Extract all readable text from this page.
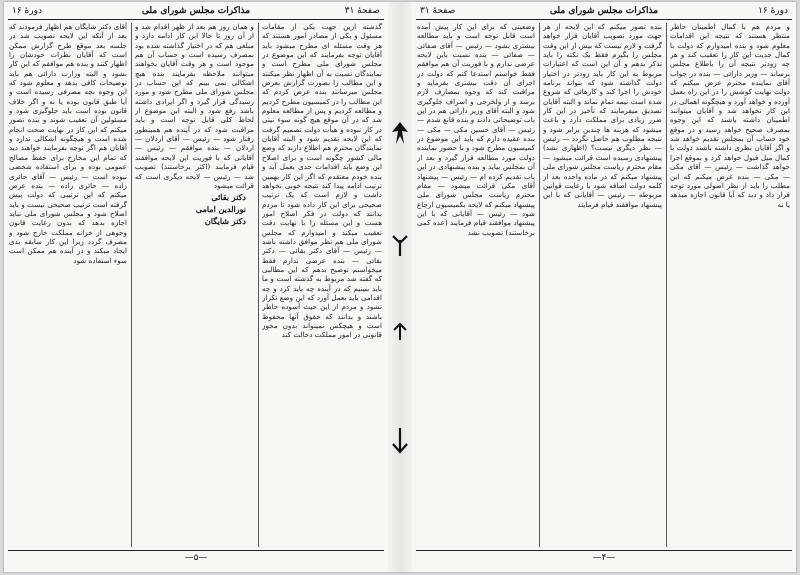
صفحهٔ ۳۱
مذاکرات مجلس شورای ملی
دورهٔ ۱۶

گذشته ازین جهت یکی از مقامات مسئول و یکی از مصادر امور هستند که هر وقت مسئله ای مطرح میشود باید آقایان توجه بفرمایند که این موضوع در مجلس شورای ملی مطرح است و نمایندگان نسبت به آن اظهار نظر میکنند و این مطالب را بصورت گزارش بعرض مجلس میرسانند بنده عرض کردم که این مطالب را در کمیسیون مطرح کردیم و مطالعه کردیم و پس از مطالعه معلوم شد که در آن موقع هیچ گونه سوء نیتی در کار نبوده و هیأت دولت تصمیم گرفت که این لایحه تقدیم شود و البته آقایان نمایندگان محترم هم اطلاع دارند که وضع مالی کشور چگونه است و برای اصلاح این وضع باید اقدامات جدی بعمل آید و بنده خودم معتقدم که اگر این کار بهمین ترتیب ادامه پیدا کند نتیجه خوبی نخواهد داشت و لازم است که یک ترتیب صحیحی برای این کار داده شود تا مردم بدانند که دولت در فکر اصلاح امور هست و این مسئله را با نهایت دقت تعقیب میکند و امیدوارم که مجلس شورای ملی هم نظر موافق داشته باشد — رئیس — آقای دکتر بقائی — دکتر بقائی — بنده عرضی ندارم فقط میخواستم توضیح بدهم که این مطالبی که گفته شد مربوط به گذشته است و ما باید ببینیم که در آینده چه باید کرد و چه اقدامی باید بعمل آورد که این وضع تکرار نشود و مردم از این حیث آسوده خاطر باشند و بدانند که حقوق آنها محفوظ است و هیچکس نمیتواند بدون مجوز قانونی در امور مملکت دخالت کند

و همان روز هم بعد از ظهر اقدام شد و از آن روز تا حالا این کار ادامه دارد و مبلغی هم که در اختیار گذاشته شده بود بمصرف رسیده است و حساب آن هم موجود است و هر وقت آقایان بخواهند میتوانند ملاحظه بفرمایند بنده هیچ اشکالی نمی بینم که این حساب در مجلس شورای ملی مطرح شود و مورد رسیدگی قرار گیرد و اگر ایرادی داشته باشد رفع شود و البته این موضوع از لحاظ کلی قابل توجه است و باید مراقبت شود که در آینده هم همینطور رفتار شود — رئیس — آقای اردلان — اردلان — بنده موافقم — رئیس — آقایانی که با فوریت این لایحه موافقند قیام فرمایند (اکثر برخاستند) تصویب شد — رئیس — لایحه دیگری است که قرائت میشود

دکتر بقائی
نورالدین امامی
دکتر شایگان

آقای دکتر شایگان هم اظهار فرمودند که بعد از آنکه این لایحه تصویب شد در جلسه بعد موقع طرح گزارش ممکن است که آقایان نظرات خودشان را اظهار کنند و بنده هم موافقم که این کار بشود و البته وزارت دارائی هم باید توضیحات کافی بدهد و معلوم شود که این وجوه بچه مصرفی رسیده است و آیا طبق قانون بوده یا نه و اگر خلاف قانون بوده است باید جلوگیری شود و مسئولین آن تعقیب شوند و بنده تصور میکنم که این کار در نهایت صحت انجام شده است و هیچگونه اشکالی ندارد و آقایان هم اگر توجه بفرمایند خواهند دید که تمام این مخارج برای حفظ مصالح عمومی بوده و برای استفاده شخصی نبوده است — رئیس — آقای حائری زاده — حائری زاده — بنده عرض میکنم که این ترتیبی که دولت پیش گرفته است ترتیب صحیحی نیست و باید اصلاح شود و مجلس شورای ملی نباید اجازه بدهد که بدون رعایت قانون وجوهی از خزانه مملکت خارج شود و مصرف گردد زیرا این کار سابقه بدی ایجاد میکند و در آینده هم ممکن است سوء استفاده شود

—۵—
دورهٔ ۱۶
مذاکرات مجلس شورای ملی
صفحهٔ ۳۱

و مردم هم با کمال اطمینان خاطر منتظر هستند که نتیجه این اقدامات معلوم شود و بنده امیدوارم که دولت با کمال جدیت این کار را تعقیب کند و هر چه زودتر نتیجه آن را باطلاع مجلس برساند — وزیر دارائی — بنده در جواب آقای نماینده محترم عرض میکنم که دولت نهایت کوشش را در این راه بعمل آورده و خواهد آورد و هیچگونه اهمالی در این کار نخواهد شد و آقایان میتوانند اطمینان داشته باشند که این وجوه بمصرف صحیح خواهد رسید و در موقع خود حساب آن بمجلس تقدیم خواهد شد و اگر آقایان نظری داشته باشند دولت با کمال میل قبول خواهد کرد و بموقع اجرا خواهد گذاشت — رئیس — آقای مکی — مکی — بنده عرض میکنم که این مطلب را باید از نظر اصولی مورد توجه قرار داد و دید که آیا قانون اجازه میدهد یا نه

بنده تصور میکنم که این لایحه از هر جهت مورد تصویب آقایان قرار خواهد گرفت و لازم نیست که بیش از این وقت مجلس را بگیرم فقط یک نکته را باید تذکر بدهم و آن این است که اعتبارات مربوط به این کار باید زودتر در اختیار دولت گذاشته شود که بتواند برنامه خودش را اجرا کند و کارهائی که شروع شده است نیمه تمام نماند و البته آقایان تصدیق میفرمایند که تأخیر در این کار ضرر زیادی برای مملکت دارد و باعث میشود که هزینه ها چندین برابر شود و نتیجه مطلوب هم حاصل نگردد — رئیس — نظر دیگری نیست؟ (اظهاری نشد) پیشنهادی رسیده است قرائت میشود — مقام محترم ریاست مجلس شورای ملی پیشنهاد میکنم که در ماده واحده بعد از کلمه دولت اضافه شود با رعایت قوانین مربوطه — رئیس — آقایانی که با این پیشنهاد موافقند قیام فرمایند

وضعیتی که برای این کار پیش آمده است قابل توجه است و باید مطالعه بیشتری بشود — رئیس — آقای صفائی — صفائی — بنده نسبت باین لایحه عرضی ندارم و با فوریت آن هم موافقم فقط خواستم استدعا کنم که دولت در اجرای آن دقت بیشتری بفرماید و مراقبت کند که وجوه بمصارف لازم برسد و از ولخرجی و اسراف جلوگیری شود و البته آقای وزیر دارائی هم در این باب توضیحاتی دادند و بنده قانع شدم — رئیس — آقای حسین مکی — مکی — بنده عقیده دارم که باید این موضوع در کمیسیون مطرح شود و با حضور نماینده دولت مورد مطالعه قرار گیرد و بعد از آن بمجلس بیاید و بنده پیشنهادی در این باب تقدیم کرده ام — رئیس — پیشنهاد آقای مکی قرائت میشود — مقام محترم ریاست مجلس شورای ملی پیشنهاد میکنم که لایحه بکمیسیون ارجاع شود — رئیس — آقایانی که با این پیشنهاد موافقند قیام فرمایند (عده کمی برخاستند) تصویب نشد

—۴—
